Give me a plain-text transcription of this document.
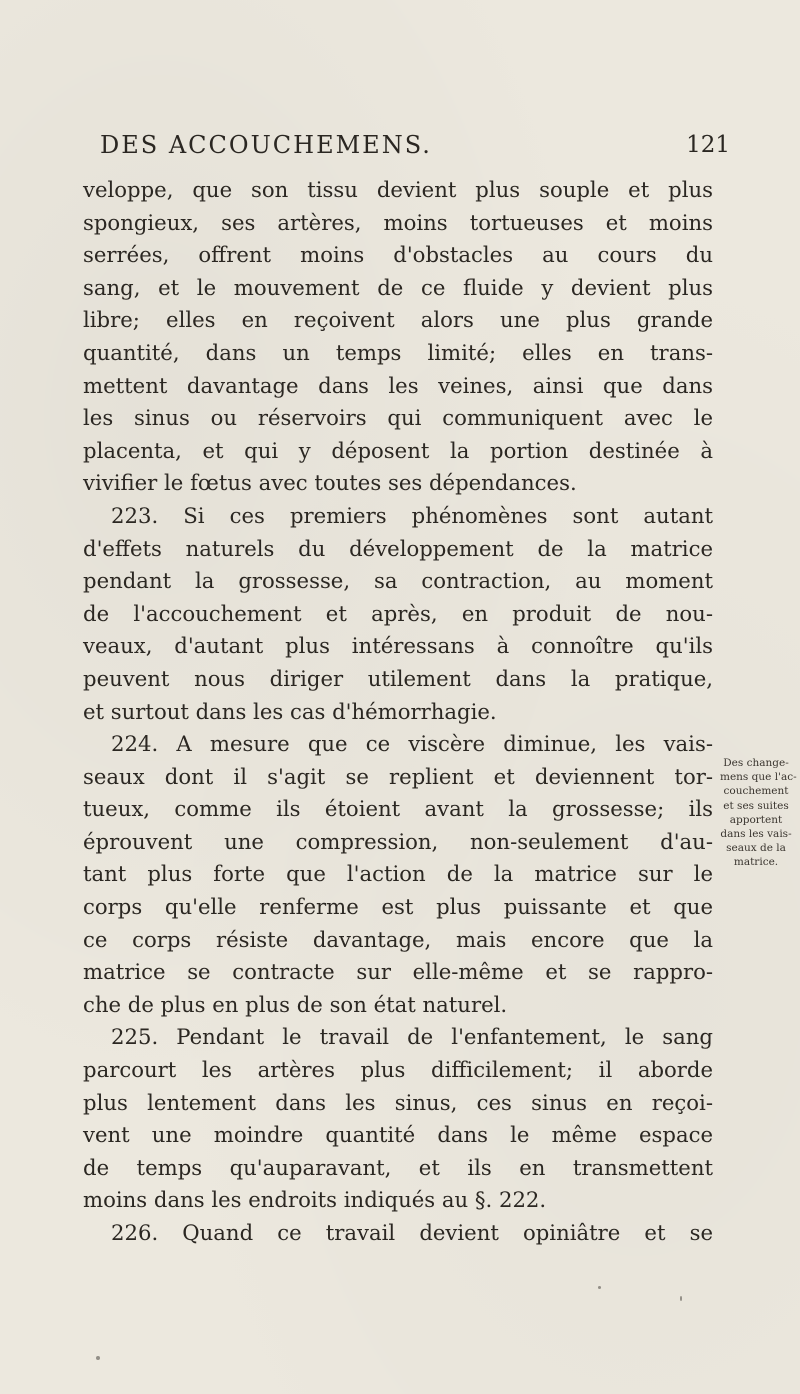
DES ACCOUCHEMENS.	121
veloppe, que son tissu devient plus souple et plus
spongieux, ses artères, moins tortueuses et moins
serrées, offrent moins d'obstacles au cours du
sang, et le mouvement de ce fluide y devient plus
libre; elles en reçoivent alors une plus grande
quantité, dans un temps limité; elles en trans-
mettent davantage dans les veines, ainsi que dans
les sinus ou réservoirs qui communiquent avec le
placenta, et qui y déposent la portion destinée à
vivifier le fœtus avec toutes ses dépendances.
223. Si ces premiers phénomènes sont autant
d'effets naturels du développement de la matrice
pendant la grossesse, sa contraction, au moment
de l'accouchement et après, en produit de nou-
veaux, d'autant plus intéressans à connoître qu'ils
peuvent nous diriger utilement dans la pratique,
et surtout dans les cas d'hémorrhagie.
224. A mesure que ce viscère diminue, les vais-
seaux dont il s'agit se replient et deviennent tor-
tueux, comme ils étoient avant la grossesse; ils
éprouvent une compression, non-seulement d'au-
tant plus forte que l'action de la matrice sur le
corps qu'elle renferme est plus puissante et que
ce corps résiste davantage, mais encore que la
matrice se contracte sur elle-même et se rappro-
che de plus en plus de son état naturel.
225. Pendant le travail de l'enfantement, le sang
parcourt les artères plus difficilement; il aborde
plus lentement dans les sinus, ces sinus en reçoi-
vent une moindre quantité dans le même espace
de temps qu'auparavant, et ils en transmettent
moins dans les endroits indiqués au §. 222.
226. Quand ce travail devient opiniâtre et se
Des change-
mens que l'ac-
couchement
et ses suites
apportent
dans les vais-
seaux de la
matrice.
